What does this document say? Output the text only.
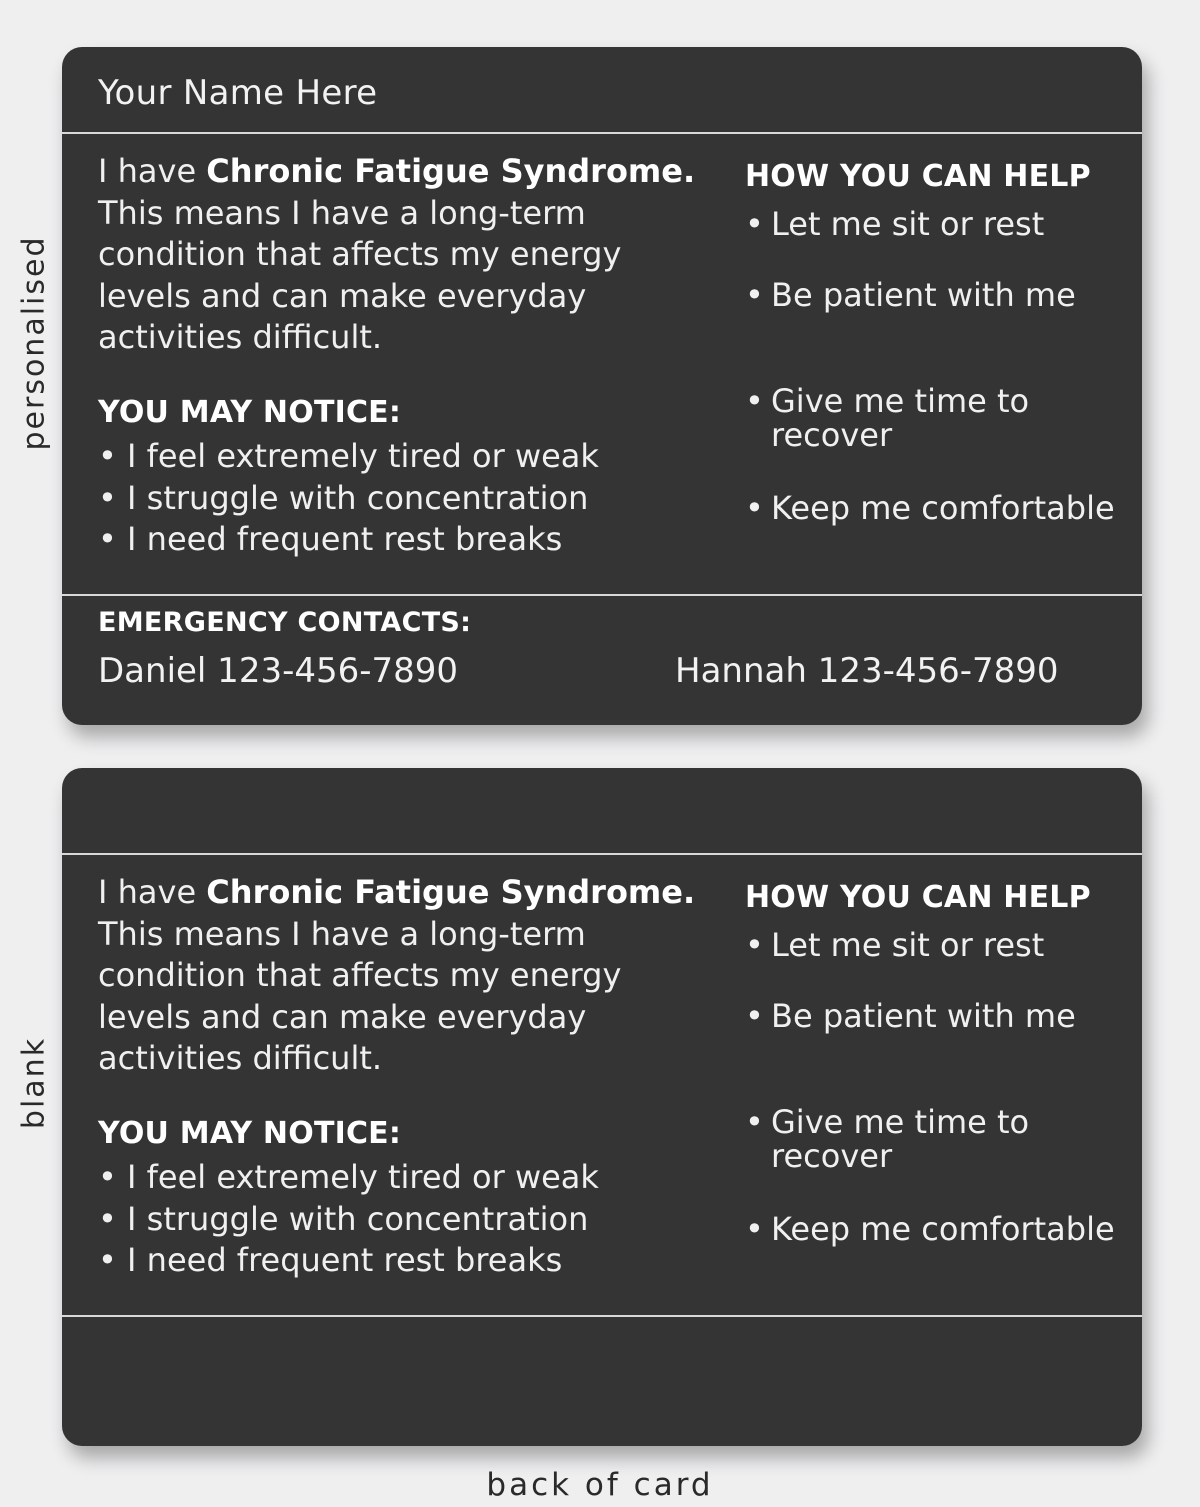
personalised
blank
Your Name Here
I have Chronic Fatigue Syndrome. This means I have a long-term condition that affects my energy levels and can make everyday activities difficult.
YOU MAY NOTICE:
• I feel extremely tired or weak
• I struggle with concentration
• I need frequent rest breaks
HOW YOU CAN HELP
• Let me sit or rest
• Be patient with me
• Give me time to recover
• Keep me comfortable
EMERGENCY CONTACTS:
Daniel 123-456-7890	Hannah 123-456-7890
I have Chronic Fatigue Syndrome. This means I have a long-term condition that affects my energy levels and can make everyday activities difficult.
YOU MAY NOTICE:
• I feel extremely tired or weak
• I struggle with concentration
• I need frequent rest breaks
HOW YOU CAN HELP
• Let me sit or rest
• Be patient with me
• Give me time to recover
• Keep me comfortable
back of card
